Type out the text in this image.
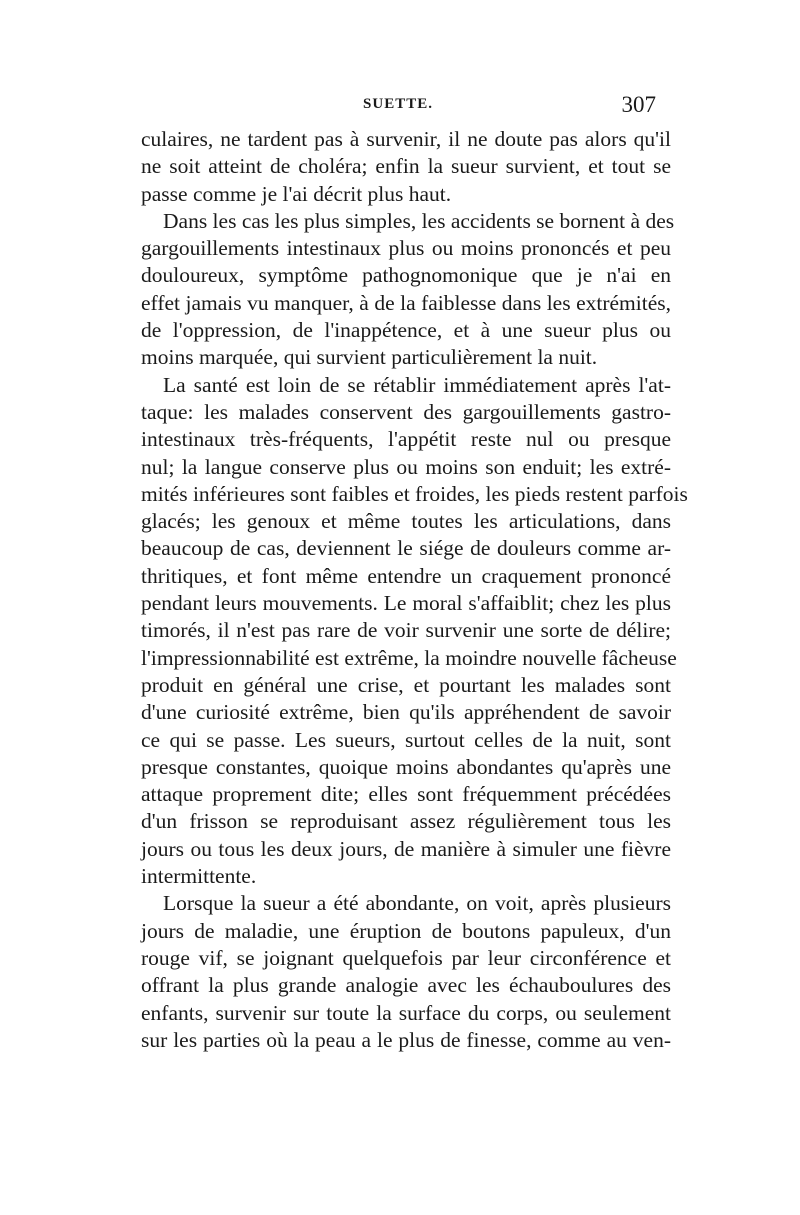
SUETTE.	307
culaires, ne tardent pas à survenir, il ne doute pas alors qu'il
ne soit atteint de choléra; enfin la sueur survient, et tout se
passe comme je l'ai décrit plus haut.
Dans les cas les plus simples, les accidents se bornent à des
gargouillements intestinaux plus ou moins prononcés et peu
douloureux, symptôme pathognomonique que je n'ai en
effet jamais vu manquer, à de la faiblesse dans les extrémités,
de l'oppression, de l'inappétence, et à une sueur plus ou
moins marquée, qui survient particulièrement la nuit.
La santé est loin de se rétablir immédiatement après l'at-
taque: les malades conservent des gargouillements gastro-
intestinaux très-fréquents, l'appétit reste nul ou presque
nul; la langue conserve plus ou moins son enduit; les extré-
mités inférieures sont faibles et froides, les pieds restent parfois
glacés; les genoux et même toutes les articulations, dans
beaucoup de cas, deviennent le siége de douleurs comme ar-
thritiques, et font même entendre un craquement prononcé
pendant leurs mouvements. Le moral s'affaiblit; chez les plus
timorés, il n'est pas rare de voir survenir une sorte de délire;
l'impressionnabilité est extrême, la moindre nouvelle fâcheuse
produit en général une crise, et pourtant les malades sont
d'une curiosité extrême, bien qu'ils appréhendent de savoir
ce qui se passe. Les sueurs, surtout celles de la nuit, sont
presque constantes, quoique moins abondantes qu'après une
attaque proprement dite; elles sont fréquemment précédées
d'un frisson se reproduisant assez régulièrement tous les
jours ou tous les deux jours, de manière à simuler une fièvre
intermittente.
Lorsque la sueur a été abondante, on voit, après plusieurs
jours de maladie, une éruption de boutons papuleux, d'un
rouge vif, se joignant quelquefois par leur circonférence et
offrant la plus grande analogie avec les échauboulures des
enfants, survenir sur toute la surface du corps, ou seulement
sur les parties où la peau a le plus de finesse, comme au ven-
